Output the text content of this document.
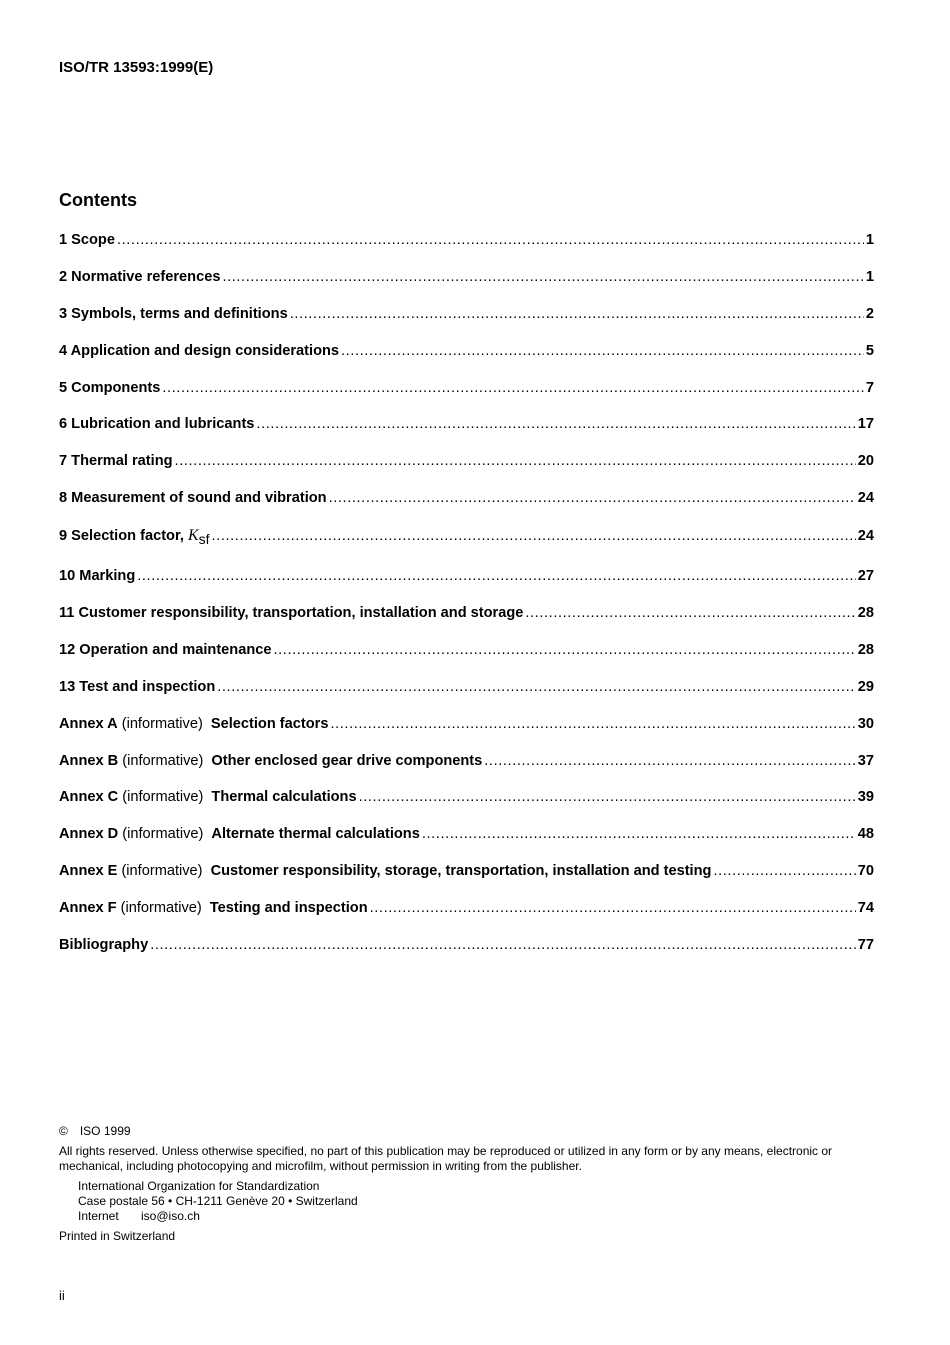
ISO/TR 13593:1999(E)
Contents
1 Scope .....	1
2 Normative references .....	1
3 Symbols, terms and definitions .....	2
4 Application and design considerations .....	5
5 Components .....	7
6 Lubrication and lubricants .....	17
7 Thermal rating .....	20
8 Measurement of sound and vibration .....	24
9 Selection factor, Ksf .....	24
10 Marking .....	27
11 Customer responsibility, transportation, installation and storage .....	28
12 Operation and maintenance .....	28
13 Test and inspection .....	29
Annex A (informative) Selection factors .....	30
Annex B (informative) Other enclosed gear drive components .....	37
Annex C (informative) Thermal calculations .....	39
Annex D (informative) Alternate thermal calculations .....	48
Annex E (informative) Customer responsibility, storage, transportation, installation and testing .....	70
Annex F (informative) Testing and inspection .....	74
Bibliography .....	77
© ISO 1999
All rights reserved. Unless otherwise specified, no part of this publication may be reproduced or utilized in any form or by any means, electronic or mechanical, including photocopying and microfilm, without permission in writing from the publisher.
International Organization for Standardization
Case postale 56 • CH-1211 Genève 20 • Switzerland
Internet iso@iso.ch
Printed in Switzerland
ii
